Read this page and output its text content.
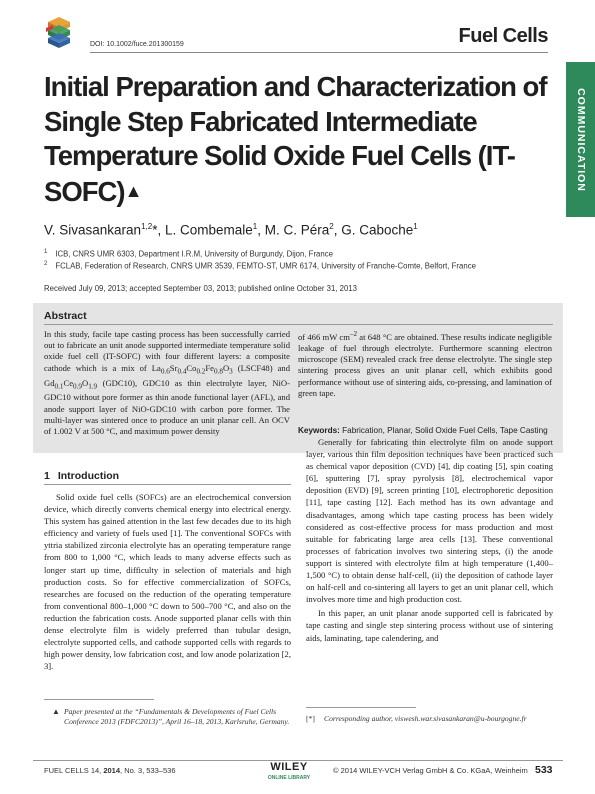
DOI: 10.1002/fuce.201300159	Fuel Cells
COMMUNICATION
Initial Preparation and Characterization of Single Step Fabricated Intermediate Temperature Solid Oxide Fuel Cells (IT-SOFC)▲
V. Sivasankaran$^{1,2}$*, L. Combemale$^1$, M. C. Péra$^2$, G. Caboche$^1$
$^1$ ICB, CNRS UMR 6303, Department I.R.M, University of Burgundy, Dijon, France
$^2$ FCLAB, Federation of Research, CNRS UMR 3539, FEMTO-ST, UMR 6174, University of Franche-Comte, Belfort, France
Received July 09, 2013; accepted September 03, 2013; published online October 31, 2013
Abstract
In this study, facile tape casting process has been successfully carried out to fabricate an unit anode supported intermediate temperature solid oxide fuel cell (IT-SOFC) with four different layers: a composite cathode which is a mix of $La_{0.6}Sr_{0.4}Co_{0.2}Fe_{0.8}O_3$ (LSCF48) and $Gd_{0.1}Ce_{0.9}O_{1.9}$ (GDC10), GDC10 as thin electrolyte layer, NiO-GDC10 without pore former as thin anode functional layer (AFL), and anode support layer of NiO-GDC10 with carbon pore former. The multi-layer was sintered once to produce an unit planar cell. An OCV of 1.002 V at 500 °C, and maximum power density
of 466 mW $cm^{-2}$ at 648 °C are obtained. These results indicate negligible leakage of fuel through electrolyte. Furthermore scanning electron microscope (SEM) revealed crack free dense electrolyte. The single step sintering process gives an unit planar cell, which exhibits good performance without use of sintering aids, co-pressing, and lamination of green tape.
Keywords: Fabrication, Planar, Solid Oxide Fuel Cells, Tape Casting
1 Introduction

Solid oxide fuel cells (SOFCs) are an electrochemical conversion device, which directly converts chemical energy into electrical energy. This system has gained attention in the last few decades due to its high efficiency and variety of fuels used [1]. The conventional SOFCs with yttria stabilized zirconia electrolyte has an operating temperature range from 800 to 1,000 °C, which leads to many adverse effects such as longer start up time, difficulty in selection of materials and high production costs. So for effective commercialization of SOFCs, researches are focused on the reduction of the operating temperature from conventional 800–1,000 °C down to 500–700 °C, and also on the reduction the fabrication costs. Anode supported planar cells with thin dense electrolyte film is widely preferred than tubular design, electrolyte supported cells, and cathode supported cells with regards to high power density, low fabrication cost, and low anode polarization [2, 3].

Generally for fabricating thin electrolyte film on anode support layer, various thin film deposition techniques have been practiced such as chemical vapor deposition (CVD) [4], dip coating [5], spin coating [6], sputtering [7], spray pyrolysis [8], electrochemical vapor deposition (EVD) [9], screen printing [10], electrophoretic deposition [11], tape casting [12]. Each method has its own advantage and disadvantages, among which tape casting process has been widely considered as cost-effective process for mass production and most suitable for fabricating large area cells [13]. These conventional processes of fabrication involves two sintering steps, (i) the anode support is sintered with electrolyte film at high temperature (1,400–1,500 °C) to obtain dense half-cell, (ii) the deposition of cathode layer on half-cell and co-sintering all layers to get an unit planar cell, which involves more time and high production cost.

In this paper, an unit planar anode supported cell is fabricated by tape casting and single step sintering process without use of sintering aids, laminating, tape calendering, and

▲ Paper presented at the “Fundamentals & Developments of Fuel Cells Conference 2013 (FDFC2013)”, April 16–18, 2013, Karlsruhe, Germany. [*] Corresponding author, viswesh.war.sivasankaran@u-bourgogne.fr
FUEL CELLS 14, 2014, No. 3, 533–536	WILEY
ONLINE LIBRARY
© 2014 WILEY-VCH Verlag GmbH & Co. KGaA, Weinheim 533
